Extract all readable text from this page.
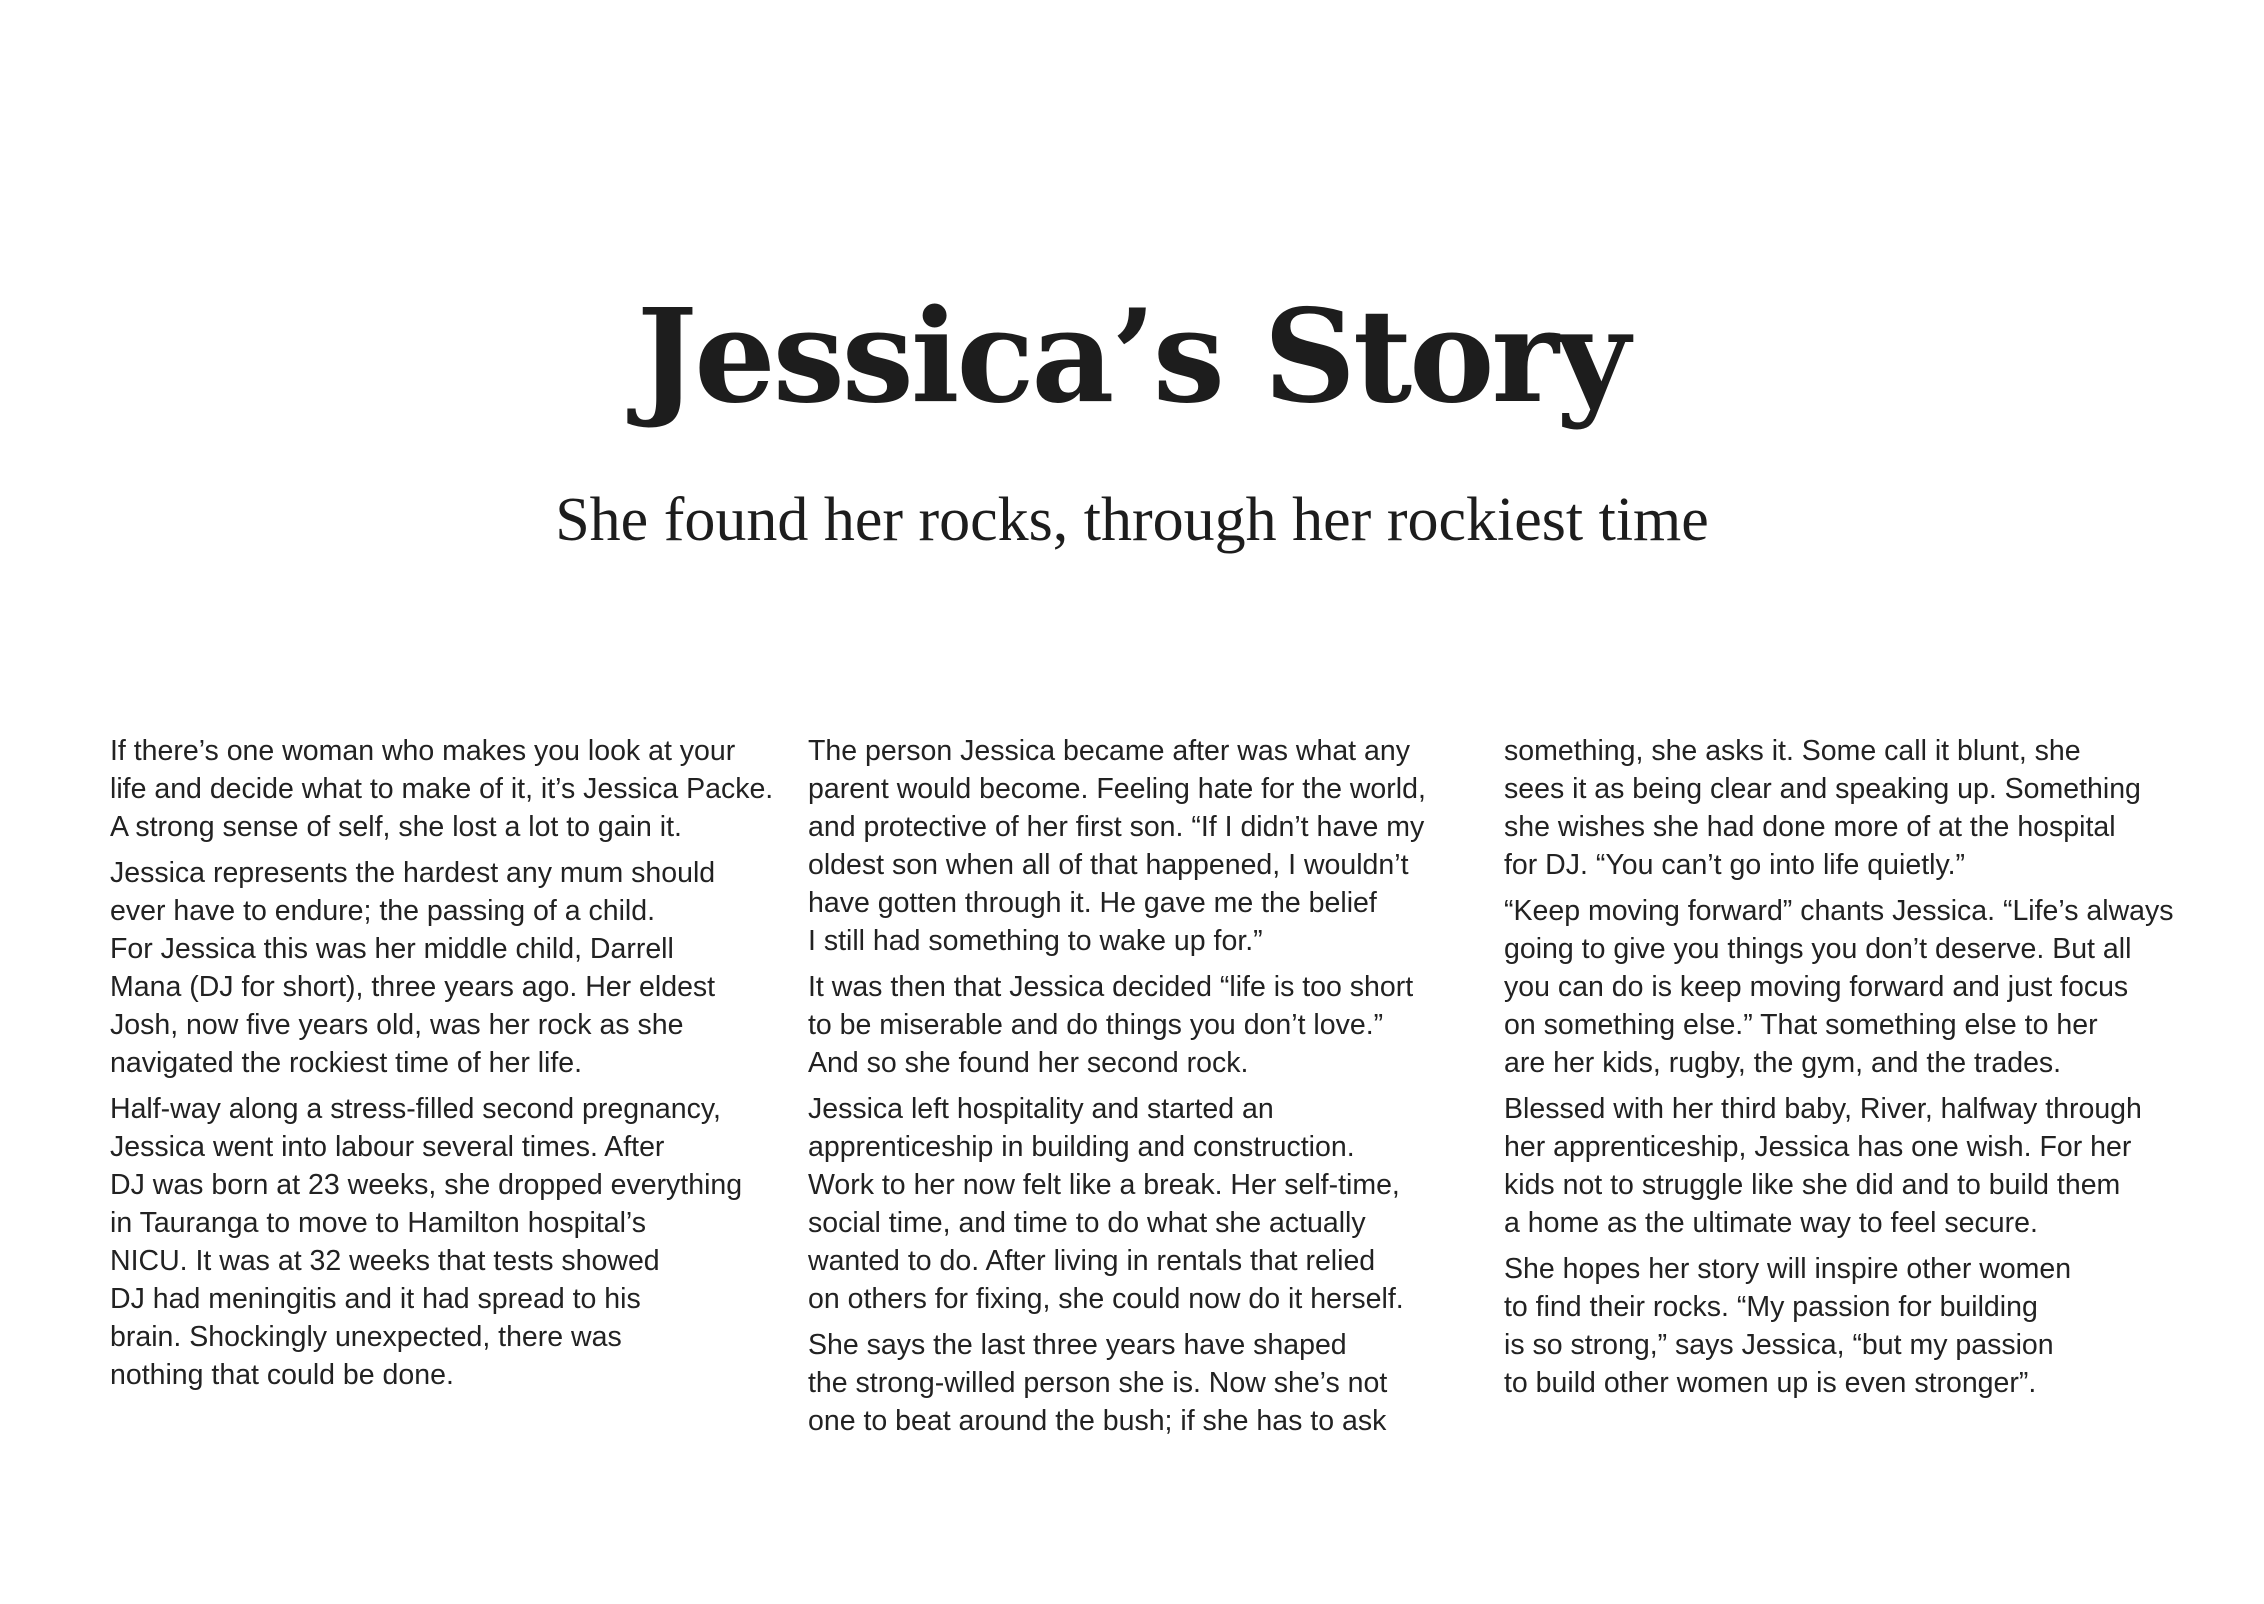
Jessica’s Story
She found her rocks, through her rockiest time

If there’s one woman who makes you look at your
life and decide what to make of it, it’s Jessica Packe.
A strong sense of self, she lost a lot to gain it.

Jessica represents the hardest any mum should
ever have to endure; the passing of a child.
For Jessica this was her middle child, Darrell
Mana (DJ for short), three years ago. Her eldest
Josh, now five years old, was her rock as she
navigated the rockiest time of her life.

Half-way along a stress-filled second pregnancy,
Jessica went into labour several times. After
DJ was born at 23 weeks, she dropped everything
in Tauranga to move to Hamilton hospital’s
NICU. It was at 32 weeks that tests showed
DJ had meningitis and it had spread to his
brain. Shockingly unexpected, there was
nothing that could be done.

The person Jessica became after was what any
parent would become. Feeling hate for the world,
and protective of her first son. “If I didn’t have my
oldest son when all of that happened, I wouldn’t
have gotten through it. He gave me the belief
I still had something to wake up for.”

It was then that Jessica decided “life is too short
to be miserable and do things you don’t love.”
And so she found her second rock.

Jessica left hospitality and started an
apprenticeship in building and construction.
Work to her now felt like a break. Her self-time,
social time, and time to do what she actually
wanted to do. After living in rentals that relied
on others for fixing, she could now do it herself.

She says the last three years have shaped
the strong-willed person she is. Now she’s not
one to beat around the bush; if she has to ask

something, she asks it. Some call it blunt, she
sees it as being clear and speaking up. Something
she wishes she had done more of at the hospital
for DJ. “You can’t go into life quietly.”

“Keep moving forward” chants Jessica. “Life’s always
going to give you things you don’t deserve. But all
you can do is keep moving forward and just focus
on something else.” That something else to her
are her kids, rugby, the gym, and the trades.

Blessed with her third baby, River, halfway through
her apprenticeship, Jessica has one wish. For her
kids not to struggle like she did and to build them
a home as the ultimate way to feel secure.

She hopes her story will inspire other women
to find their rocks. “My passion for building
is so strong,” says Jessica, “but my passion
to build other women up is even stronger”.
